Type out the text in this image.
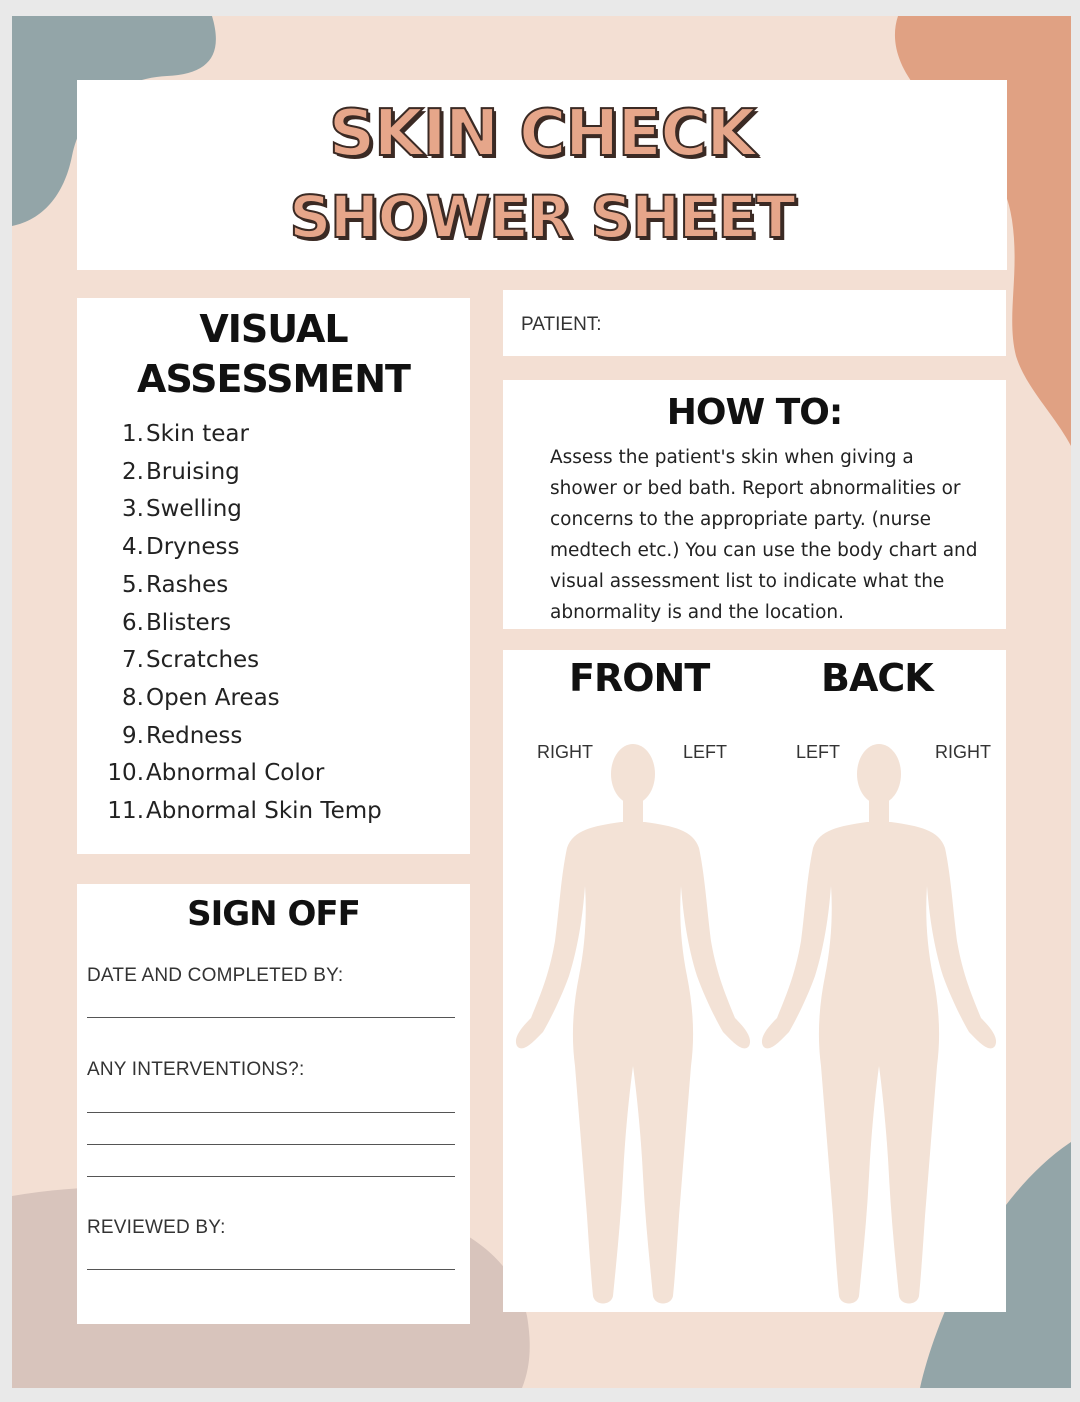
SKIN CHECK
SHOWER SHEET
VISUAL
ASSESSMENT
1. Skin tear
2. Bruising
3. Swelling
4. Dryness
5. Rashes
6. Blisters
7. Scratches
8. Open Areas
9. Redness
10. Abnormal Color
11. Abnormal Skin Temp
SIGN OFF
DATE AND COMPLETED BY:
ANY INTERVENTIONS?:
REVIEWED BY:
PATIENT:
HOW TO:
Assess the patient's skin when giving a shower or bed bath. Report abnormalities or concerns to the appropriate party. (nurse medtech etc.) You can use the body chart and visual assessment list to indicate what the abnormality is and the location.
FRONT	BACK
RIGHT	LEFT	LEFT	RIGHT
